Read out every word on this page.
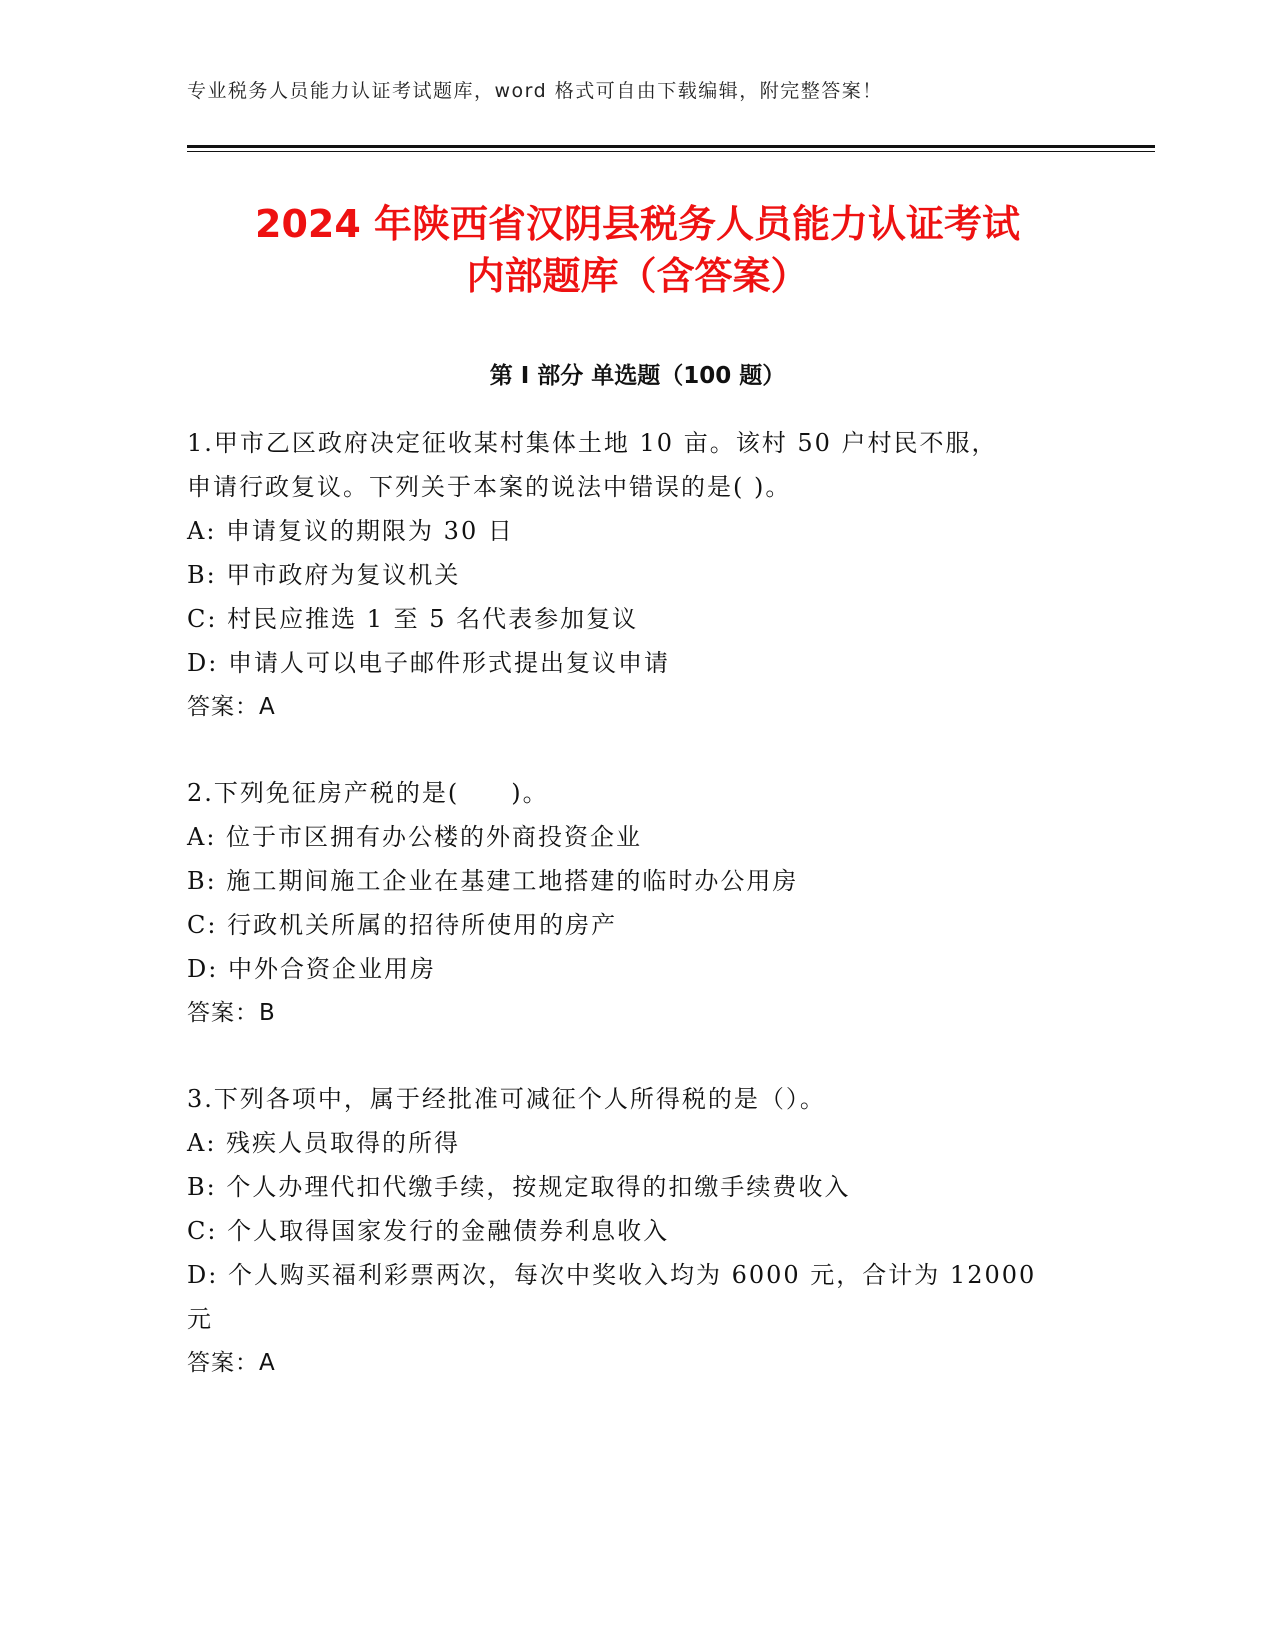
专业税务人员能力认证考试题库，word 格式可自由下载编辑，附完整答案！
2024 年陕西省汉阴县税务人员能力认证考试
内部题库（含答案）
第 I 部分 单选题（100 题）
1.甲市乙区政府决定征收某村集体土地 10 亩。该村 50 户村民不服，
申请行政复议。下列关于本案的说法中错误的是( )。
A: 申请复议的期限为 30 日
B: 甲市政府为复议机关
C: 村民应推选 1 至 5 名代表参加复议
D: 申请人可以电子邮件形式提出复议申请
答案：A
2.下列免征房产税的是(　　)。
A: 位于市区拥有办公楼的外商投资企业
B: 施工期间施工企业在基建工地搭建的临时办公用房
C: 行政机关所属的招待所使用的房产
D: 中外合资企业用房
答案：B
3.下列各项中，属于经批准可减征个人所得税的是（）。
A: 残疾人员取得的所得
B: 个人办理代扣代缴手续，按规定取得的扣缴手续费收入
C: 个人取得国家发行的金融债券利息收入
D: 个人购买福利彩票两次，每次中奖收入均为 6000 元，合计为 12000
元
答案：A
